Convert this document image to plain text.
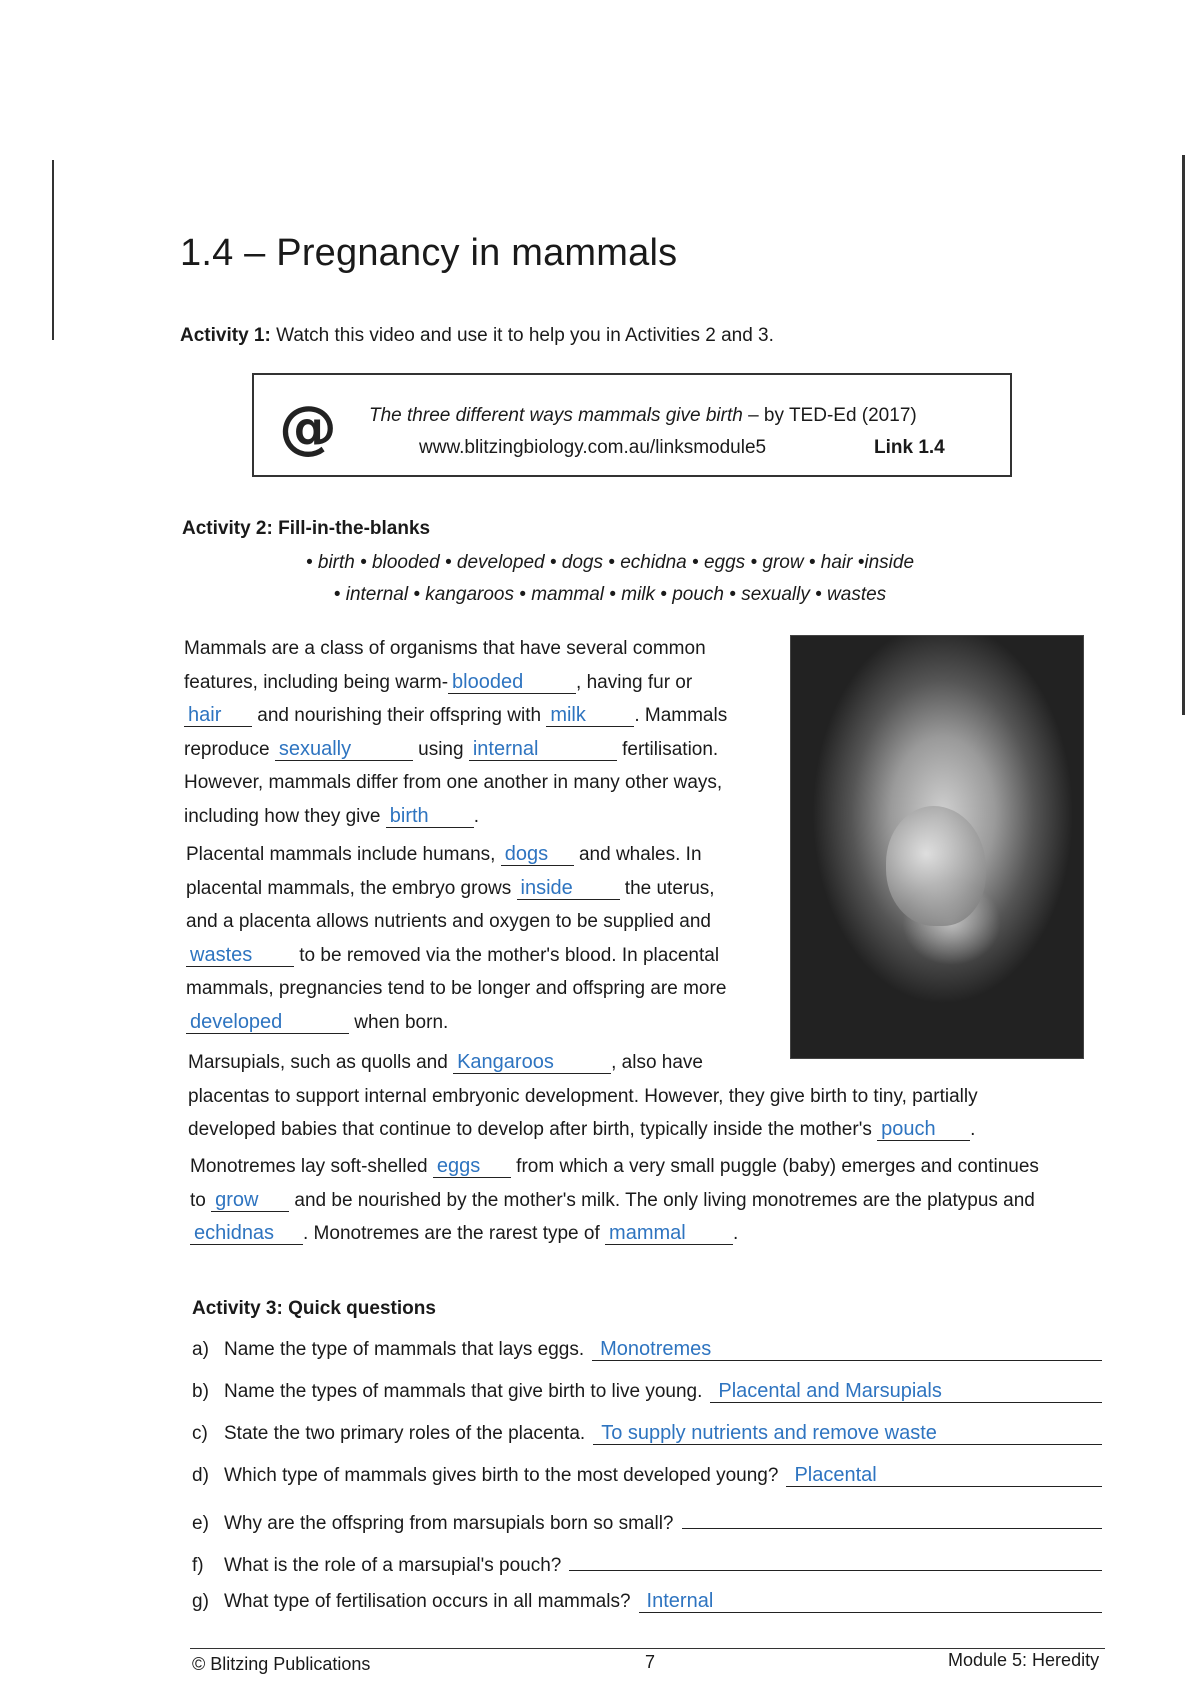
1.4 – Pregnancy in mammals
Activity 1: Watch this video and use it to help you in Activities 2 and 3.
@ The three different ways mammals give birth – by TED-Ed (2017)
www.blitzingbiology.com.au/linksmodule5	Link 1.4
Activity 2: Fill-in-the-blanks
• birth • blooded • developed • dogs • echidna • eggs • grow • hair •inside
• internal • kangaroos • mammal • milk • pouch • sexually • wastes
Mammals are a class of organisms that have several common
features, including being warm- blooded	, having fur or
hair and nourishing their offspring with milk	. Mammals
reproduce sexually	using internal	fertilisation.
However, mammals differ from one another in many other ways,
including how they give birth .
Placental mammals include humans, dogs and whales. In
placental mammals, the embryo grows inside the uterus,
and a placenta allows nutrients and oxygen to be supplied and
wastes to be removed via the mother's blood. In placental
mammals, pregnancies tend to be longer and offspring are more
developed	when born.
Marsupials, such as quolls and Kangaroos	, also have
placentas to support internal embryonic development. However, they give birth to tiny, partially
developed babies that continue to develop after birth, typically inside the mother's pouch .
Monotremes lay soft-shelled eggs from which a very small puggle (baby) emerges and continues
to grow and be nourished by the mother's milk. The only living monotremes are the platypus and
echidnas . Monotremes are the rarest type of mammal .
Activity 3: Quick questions
a) Name the type of mammals that lays eggs. Monotremes
b) Name the types of mammals that give birth to live young. Placental and Marsupials
c) State the two primary roles of the placenta. To supply nutrients and remove waste
d) Which type of mammals gives birth to the most developed young? Placental
e) Why are the offspring from marsupials born so small?
f)	What is the role of a marsupial's pouch?
g) What type of fertilisation occurs in all mammals? Internal
© Blitzing Publications	7	Module 5: Heredity
